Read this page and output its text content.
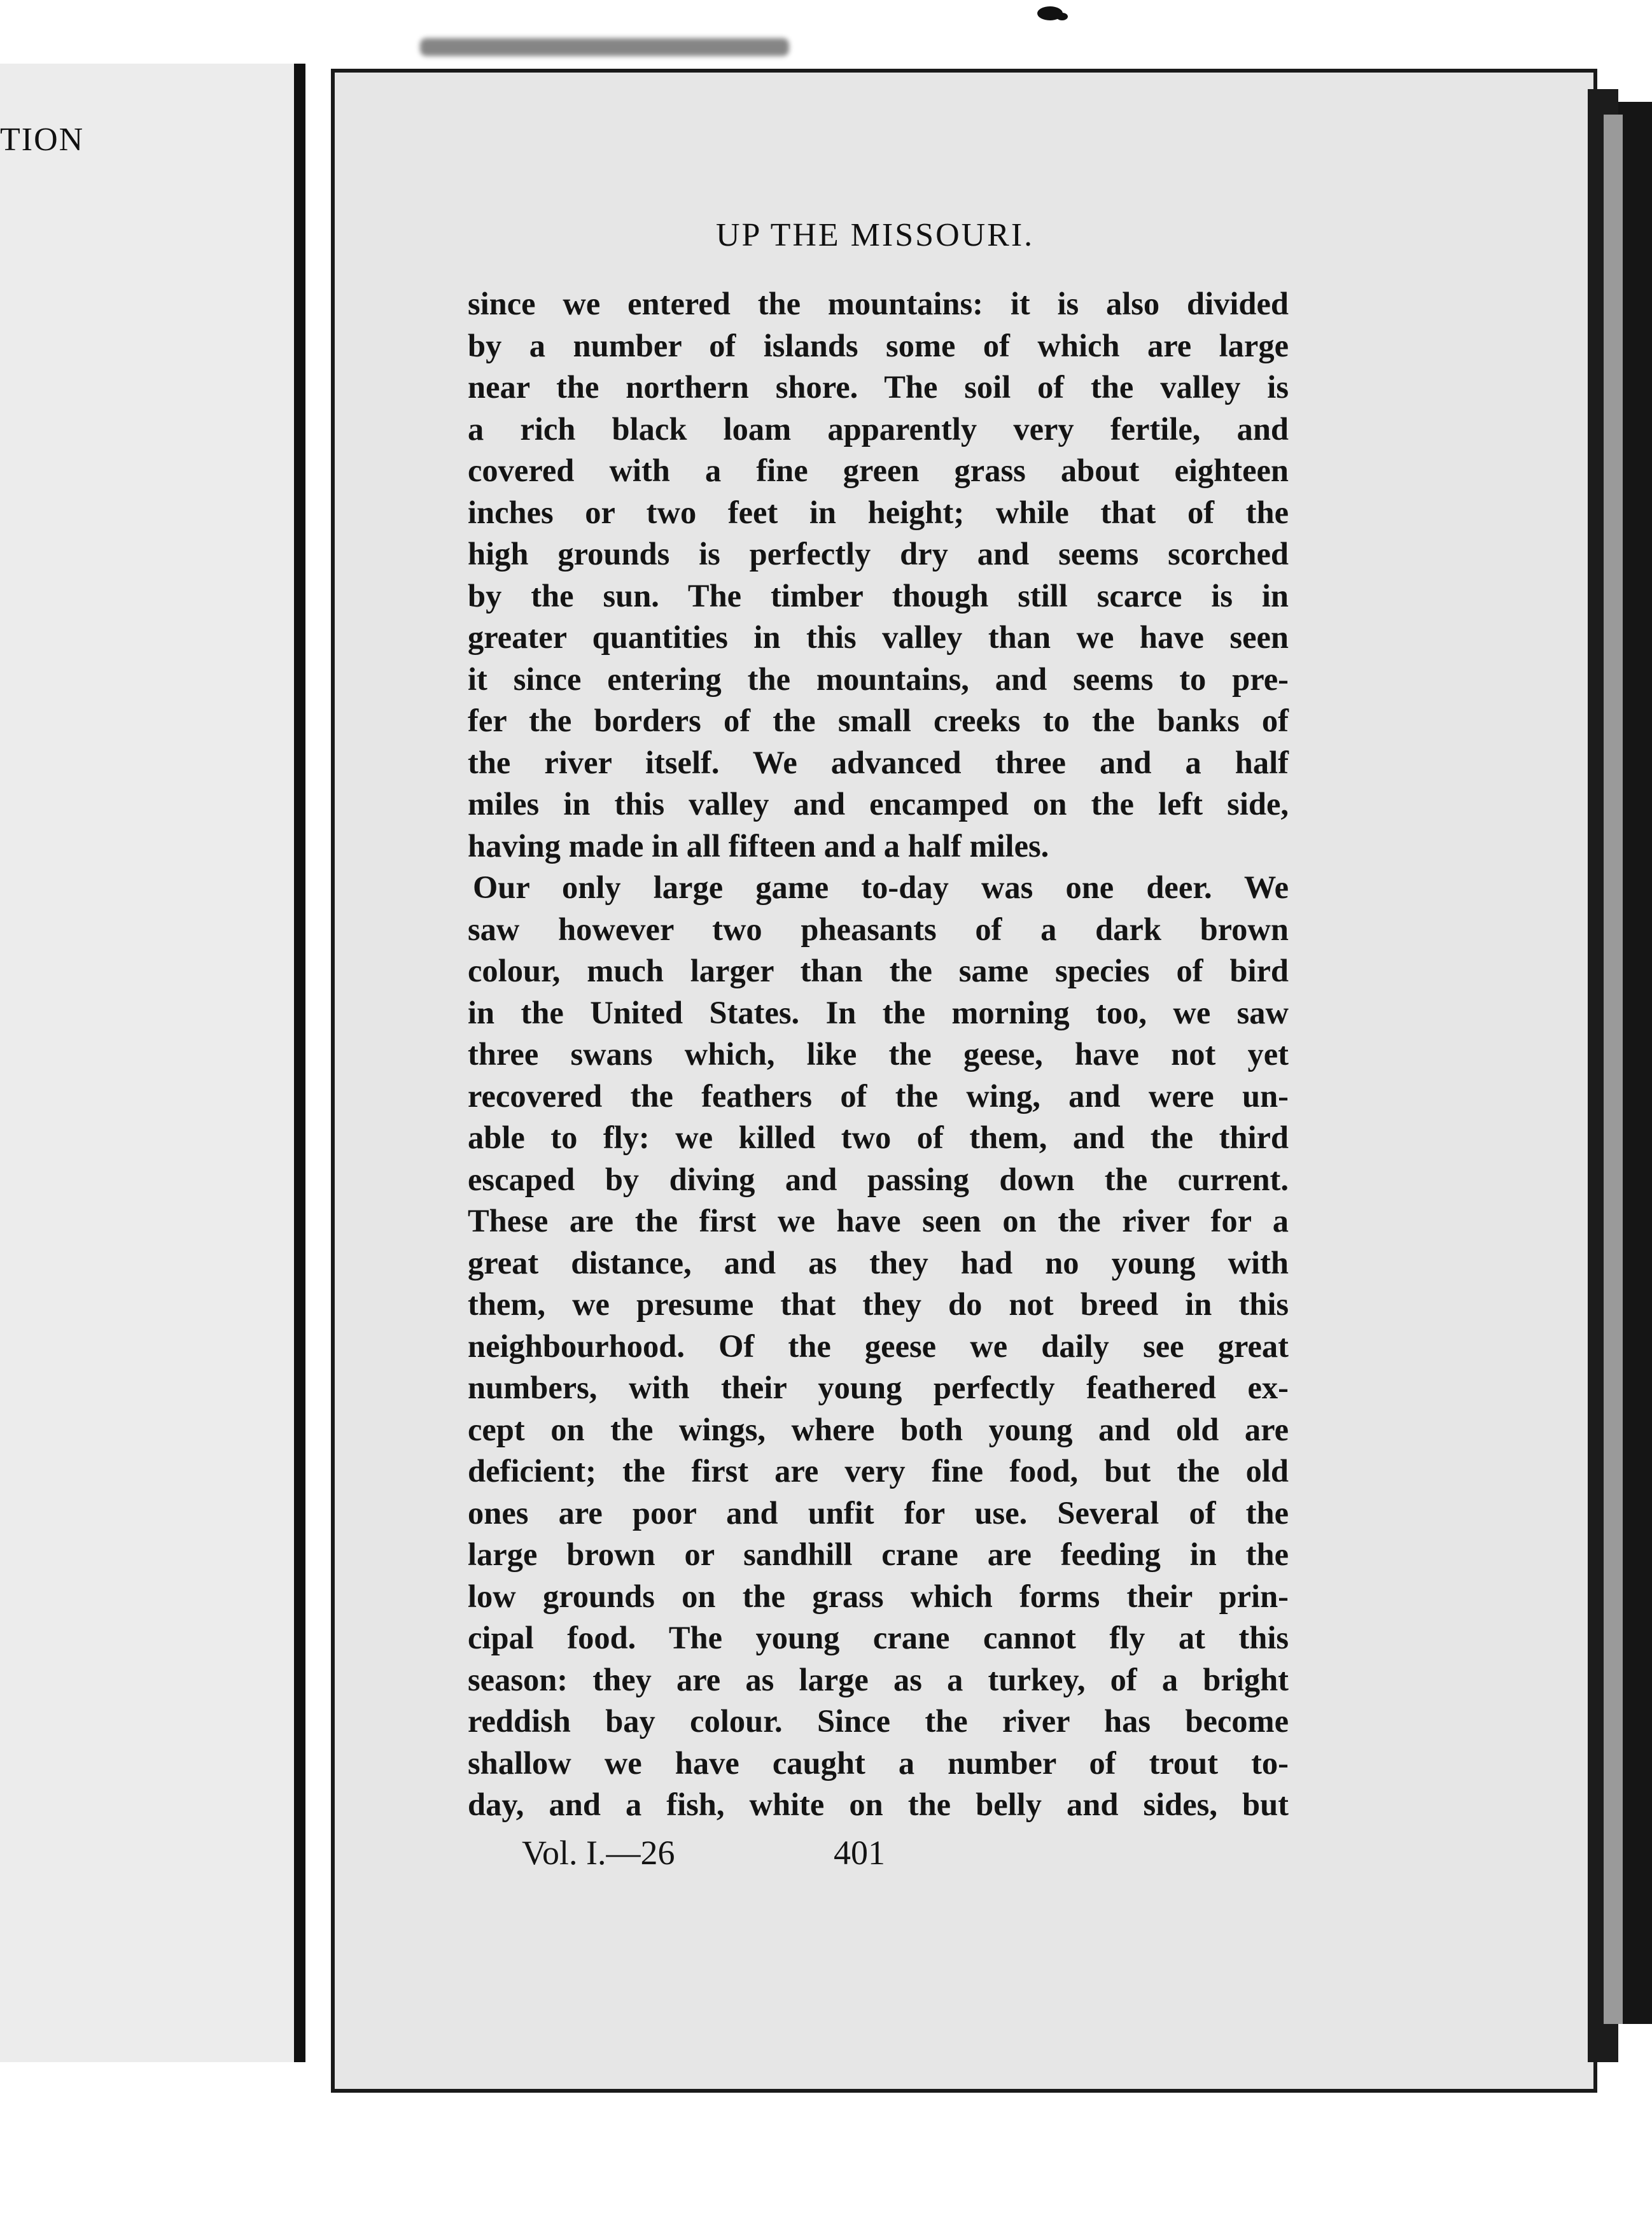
TION
UP THE MISSOURI.
since we entered the mountains: it is also divided
by a number of islands some of which are large
near the northern shore. The soil of the valley is
a rich black loam apparently very fertile, and
covered with a fine green grass about eighteen
inches or two feet in height; while that of the
high grounds is perfectly dry and seems scorched
by the sun. The timber though still scarce is in
greater quantities in this valley than we have seen
it since entering the mountains, and seems to pre-
fer the borders of the small creeks to the banks of
the river itself. We advanced three and a half
miles in this valley and encamped on the left side,
having made in all fifteen and a half miles.
Our only large game to-day was one deer. We
saw however two pheasants of a dark brown
colour, much larger than the same species of bird
in the United States. In the morning too, we saw
three swans which, like the geese, have not yet
recovered the feathers of the wing, and were un-
able to fly: we killed two of them, and the third
escaped by diving and passing down the current.
These are the first we have seen on the river for a
great distance, and as they had no young with
them, we presume that they do not breed in this
neighbourhood. Of the geese we daily see great
numbers, with their young perfectly feathered ex-
cept on the wings, where both young and old are
deficient; the first are very fine food, but the old
ones are poor and unfit for use. Several of the
large brown or sandhill crane are feeding in the
low grounds on the grass which forms their prin-
cipal food. The young crane cannot fly at this
season: they are as large as a turkey, of a bright
reddish bay colour. Since the river has become
shallow we have caught a number of trout to-
day, and a fish, white on the belly and sides, but
Vol. I.—26	401
